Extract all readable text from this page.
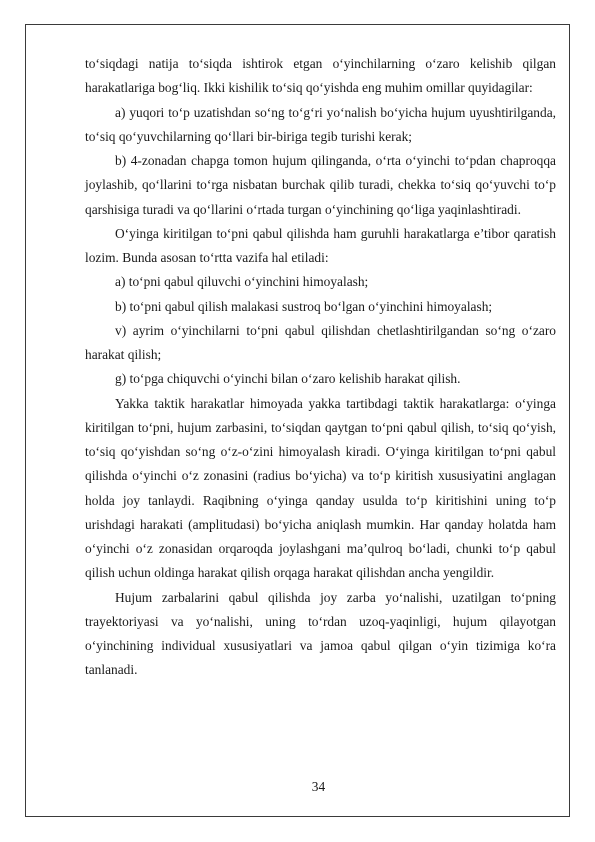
to‘siqdagi natija to‘siqda ishtirok etgan o‘yinchilarning o‘zaro kelishib qilgan harakatlariga bog‘liq. Ikki kishilik to‘siq qo‘yishda eng muhim omillar quyidagilar:

a) yuqori to‘p uzatishdan so‘ng to‘g‘ri yo‘nalish bo‘yicha hujum uyushtirilganda, to‘siq qo‘yuvchilarning qo‘llari bir-biriga tegib turishi kerak;

b) 4-zonadan chapga tomon hujum qilinganda, o‘rta o‘yinchi to‘pdan chaproqqa joylashib, qo‘llarini to‘rga nisbatan burchak qilib turadi, chekka to‘siq qo‘yuvchi to‘p qarshisiga turadi va qo‘llarini o‘rtada turgan o‘yinchining qo‘liga yaqinlashtiradi.

O‘yinga kiritilgan to‘pni qabul qilishda ham guruhli harakatlarga e’tibor qaratish lozim. Bunda asosan to‘rtta vazifa hal etiladi:

a) to‘pni qabul qiluvchi o‘yinchini himoyalash;

b) to‘pni qabul qilish malakasi sustroq bo‘lgan o‘yinchini himoyalash;

v) ayrim o‘yinchilarni to‘pni qabul qilishdan chetlashtirilgandan so‘ng o‘zaro harakat qilish;

g) to‘pga chiquvchi o‘yinchi bilan o‘zaro kelishib harakat qilish.

Yakka taktik harakatlar himoyada yakka tartibdagi taktik harakatlarga: o‘yinga kiritilgan to‘pni, hujum zarbasini, to‘siqdan qaytgan to‘pni qabul qilish, to‘siq qo‘yish, to‘siq qo‘yishdan so‘ng o‘z-o‘zini himoyalash kiradi. O‘yinga kiritilgan to‘pni qabul qilishda o‘yinchi o‘z zonasini (radius bo‘yicha) va to‘p kiritish xususiyatini anglagan holda joy tanlaydi. Raqibning o‘yinga qanday usulda to‘p kiritishini uning to‘p urishdagi harakati (amplitudasi) bo‘yicha aniqlash mumkin. Har qanday holatda ham o‘yinchi o‘z zonasidan orqaroqda joylashgani ma’qulroq bo‘ladi, chunki to‘p qabul qilish uchun oldinga harakat qilish orqaga harakat qilishdan ancha yengildir.

Hujum zarbalarini qabul qilishda joy zarba yo‘nalishi, uzatilgan to‘pning trayektoriyasi va yo‘nalishi, uning to‘rdan uzoq-yaqinligi, hujum qilayotgan o‘yinchining individual xususiyatlari va jamoa qabul qilgan o‘yin tizimiga ko‘ra tanlanadi.

34
